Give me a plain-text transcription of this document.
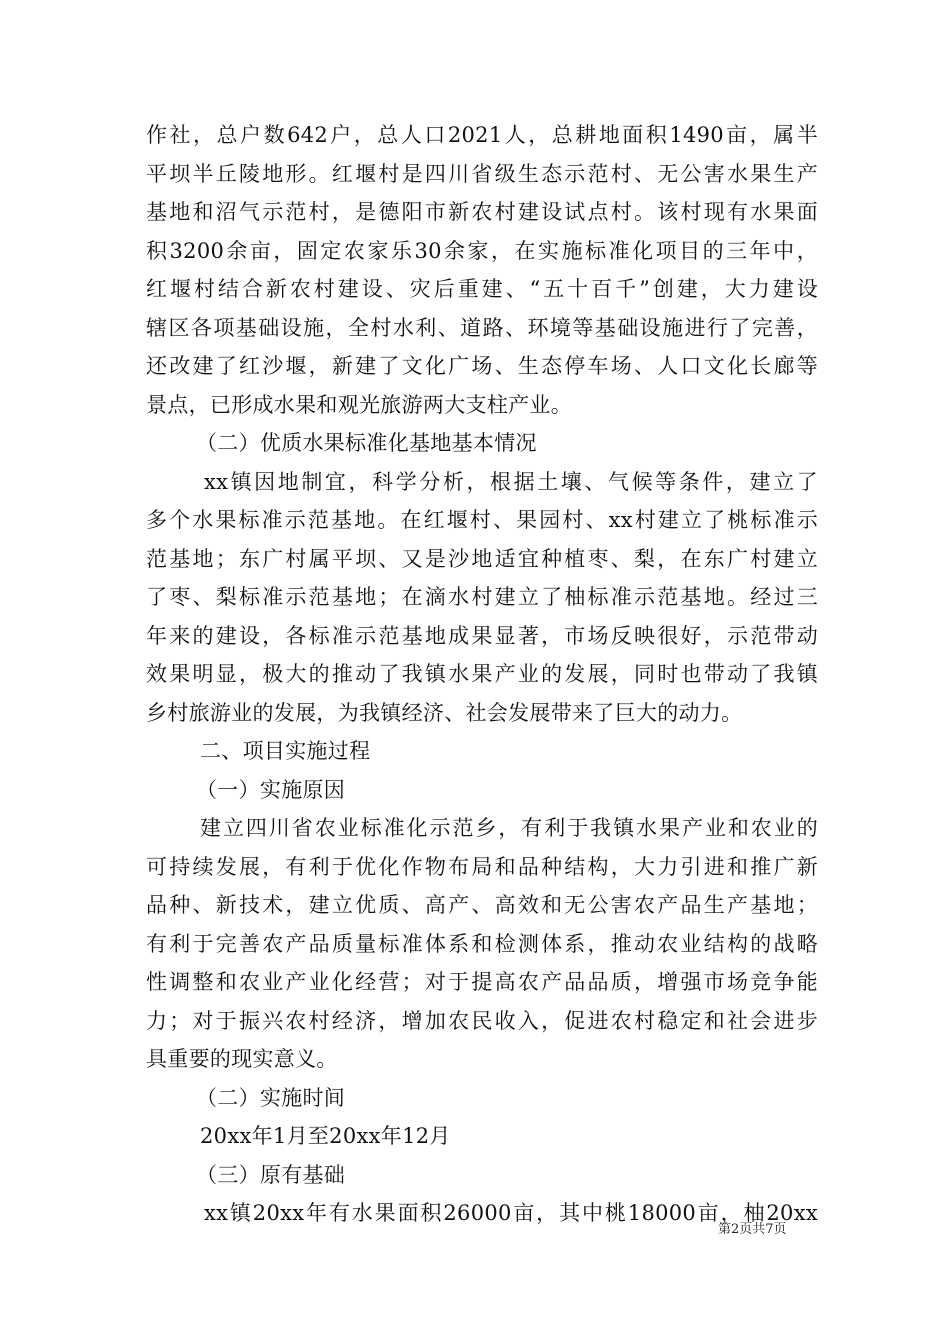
作社，总户数642户，总人口2021人，总耕地面积1490亩，属半
平坝半丘陵地形。红堰村是四川省级生态示范村、无公害水果生产
基地和沼气示范村，是德阳市新农村建设试点村。该村现有水果面
积3200余亩，固定农家乐30余家，在实施标准化项目的三年中，
红堰村结合新农村建设、灾后重建、“五十百千”创建，大力建设
辖区各项基础设施，全村水利、道路、环境等基础设施进行了完善，
还改建了红沙堰，新建了文化广场、生态停车场、人口文化长廊等
景点，已形成水果和观光旅游两大支柱产业。
（二）优质水果标准化基地基本情况
xx镇因地制宜，科学分析，根据土壤、气候等条件，建立了
多个水果标准示范基地。在红堰村、果园村、xx村建立了桃标准示
范基地；东广村属平坝、又是沙地适宜种植枣、梨，在东广村建立
了枣、梨标准示范基地；在滴水村建立了柚标准示范基地。经过三
年来的建设，各标准示范基地成果显著，市场反映很好，示范带动
效果明显，极大的推动了我镇水果产业的发展，同时也带动了我镇
乡村旅游业的发展，为我镇经济、社会发展带来了巨大的动力。
二、项目实施过程
（一）实施原因
建立四川省农业标准化示范乡，有利于我镇水果产业和农业的
可持续发展，有利于优化作物布局和品种结构，大力引进和推广新
品种、新技术，建立优质、高产、高效和无公害农产品生产基地；
有利于完善农产品质量标准体系和检测体系，推动农业结构的战略
性调整和农业产业化经营；对于提高农产品品质，增强市场竞争能
力；对于振兴农村经济，增加农民收入，促进农村稳定和社会进步
具重要的现实意义。
（二）实施时间
20xx年1月至20xx年12月
（三）原有基础
xx镇20xx年有水果面积26000亩，其中桃18000亩，柚20xx
第2页共7页
